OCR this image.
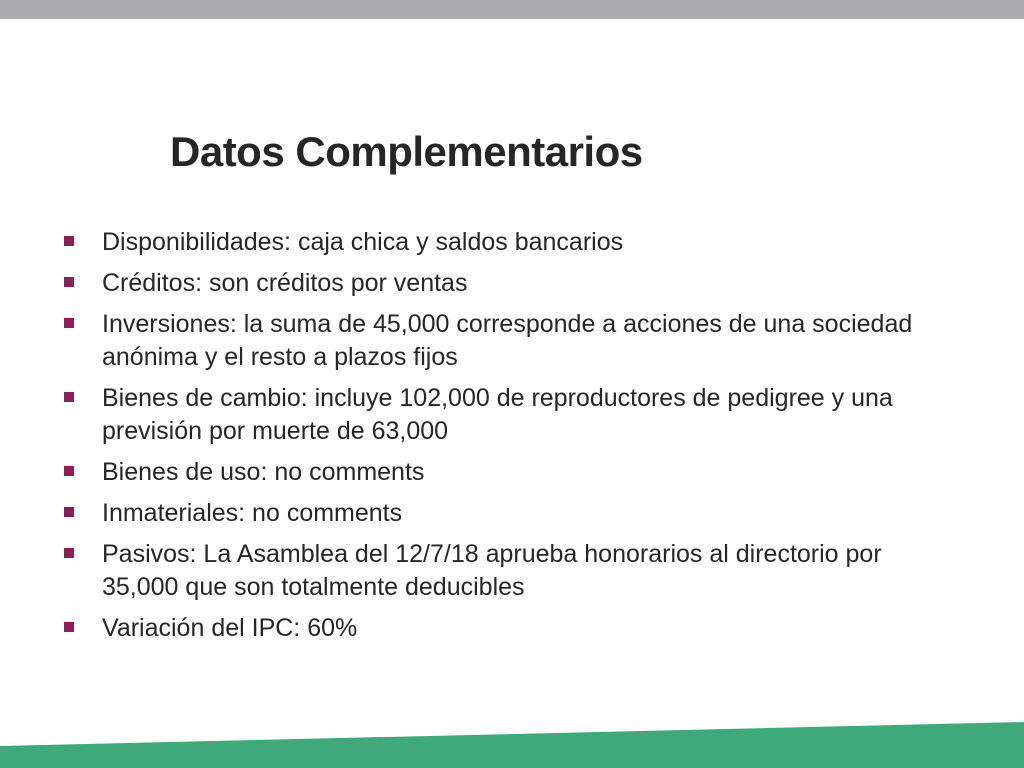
Datos Complementarios
Disponibilidades: caja chica y saldos bancarios
Créditos: son créditos por ventas
Inversiones: la suma de 45,000 corresponde a acciones de una sociedad anónima y el resto a plazos fijos
Bienes de cambio: incluye 102,000 de reproductores de pedigree y una previsión por muerte de 63,000
Bienes de uso: no comments
Inmateriales: no comments
Pasivos: La Asamblea del 12/7/18 aprueba honorarios al directorio por 35,000 que son totalmente deducibles
Variación del IPC: 60%
